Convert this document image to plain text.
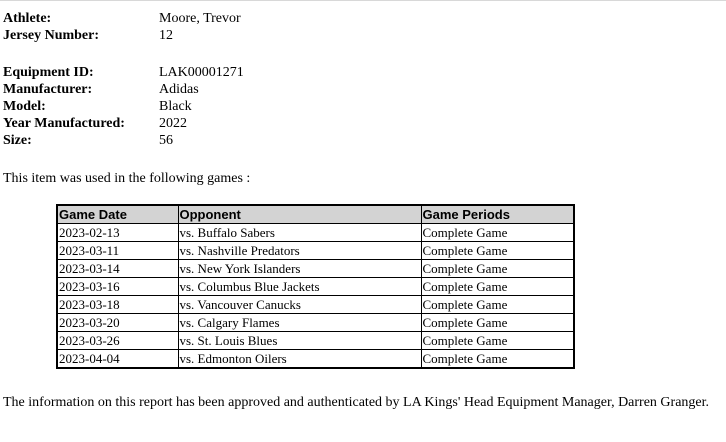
Athlete:	Moore, Trevor
Jersey Number:	12
Equipment ID:	LAK00001271
Manufacturer:	Adidas
Model:	Black
Year Manufactured:	2022
Size:	56
This item was used in the following games :
Game Date	Opponent	Game Periods
2023-02-13	vs. Buffalo Sabers	Complete Game
2023-03-11	vs. Nashville Predators	Complete Game
2023-03-14	vs. New York Islanders	Complete Game
2023-03-16	vs. Columbus Blue Jackets	Complete Game
2023-03-18	vs. Vancouver Canucks	Complete Game
2023-03-20	vs. Calgary Flames	Complete Game
2023-03-26	vs. St. Louis Blues	Complete Game
2023-04-04	vs. Edmonton Oilers	Complete Game
The information on this report has been approved and authenticated by LA Kings' Head Equipment Manager, Darren Granger.
